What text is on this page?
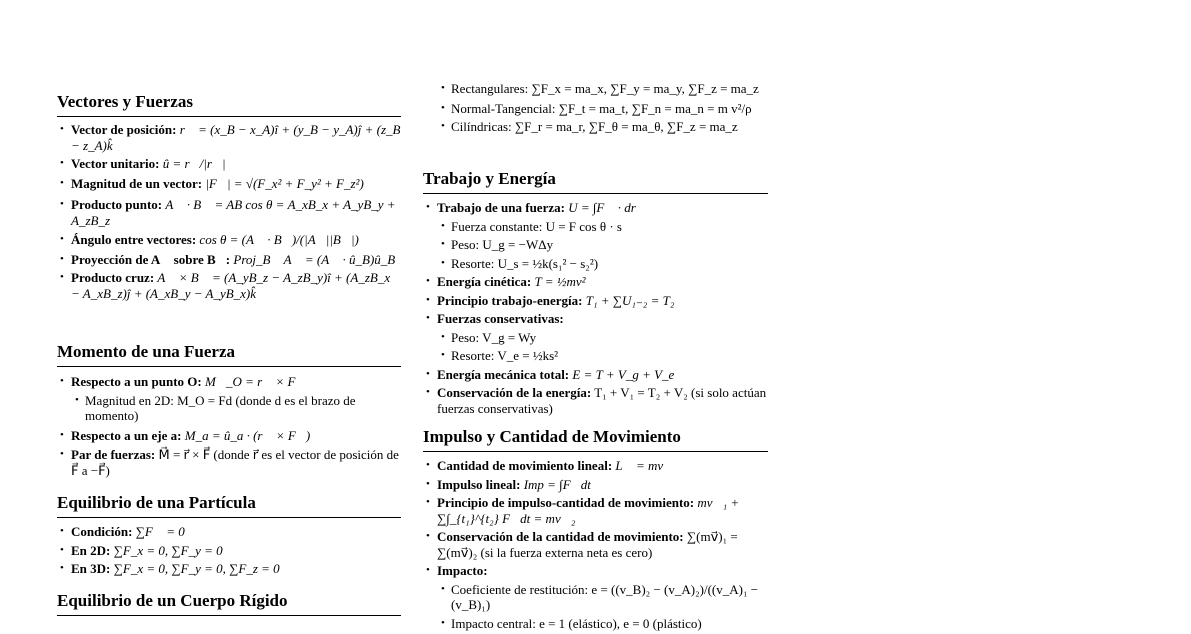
Vectores y Fuerzas
• Vector de posición: r⃗ = (x_B − x_A)î + (y_B − y_A)ĵ + (z_B − z_A)k̂
• Vector unitario: û = r⃗/|r⃗|
• Magnitud de un vector: |F⃗| = √(F_x² + F_y² + F_z²)
• Producto punto: A⃗ · B⃗ = AB cos θ = A_xB_x + A_yB_y + A_zB_z
• Ángulo entre vectores: cos θ = (A⃗ · B⃗)/(|A⃗||B⃗|)
• Proyección de A⃗ sobre B⃗: Proj_B⃗ A⃗ = (A⃗ · û_B)û_B
• Producto cruz: A⃗ × B⃗ = (A_yB_z − A_zB_y)î + (A_zB_x − A_xB_z)ĵ + (A_xB_y − A_yB_x)k̂
Momento de una Fuerza
• Respecto a un punto O: M⃗_O = r⃗ × F⃗
• Magnitud en 2D: M_O = Fd (donde d es el brazo de momento)
• Respecto a un eje a: M_a = û_a · (r⃗ × F⃗)
• Par de fuerzas: M⃗ = r⃗ × F⃗ (donde r⃗ es el vector de posición de F⃗ a −F⃗)
Equilibrio de una Partícula
• Condición: ∑F⃗ = 0⃗
• En 2D: ∑F_x = 0, ∑F_y = 0
• En 3D: ∑F_x = 0, ∑F_y = 0, ∑F_z = 0
Equilibrio de un Cuerpo Rígido
• Rectangulares: ∑F_x = ma_x, ∑F_y = ma_y, ∑F_z = ma_z
• Normal-Tangencial: ∑F_t = ma_t, ∑F_n = ma_n = m v²/ρ
• Cilíndricas: ∑F_r = ma_r, ∑F_θ = ma_θ, ∑F_z = ma_z
Trabajo y Energía
• Trabajo de una fuerza: U = ∫F⃗ · dr⃗
• Fuerza constante: U = F cos θ · s
• Peso: U_g = −WΔy
• Resorte: U_s = ½k(s₁² − s₂²)
• Energía cinética: T = ½mv²
• Principio trabajo-energía: T₁ + ∑U₁₋₂ = T₂
• Fuerzas conservativas:
• Peso: V_g = Wy
• Resorte: V_e = ½ks²
• Energía mecánica total: E = T + V_g + V_e
• Conservación de la energía: T₁ + V₁ = T₂ + V₂ (si solo actúan fuerzas conservativas)
Impulso y Cantidad de Movimiento
• Cantidad de movimiento lineal: L⃗ = mv⃗
• Impulso lineal: Imp = ∫F⃗dt
• Principio de impulso-cantidad de movimiento: mv⃗₁ + ∑∫_{t₁}^{t₂} F⃗dt = mv⃗₂
• Conservación de la cantidad de movimiento: ∑(mv⃗)₁ = ∑(mv⃗)₂ (si la fuerza externa neta es cero)
• Impacto:
• Coeficiente de restitución: e = ((v_B)₂ − (v_A)₂)/((v_A)₁ − (v_B)₁)
• Impacto central: e = 1 (elástico), e = 0 (plástico)
